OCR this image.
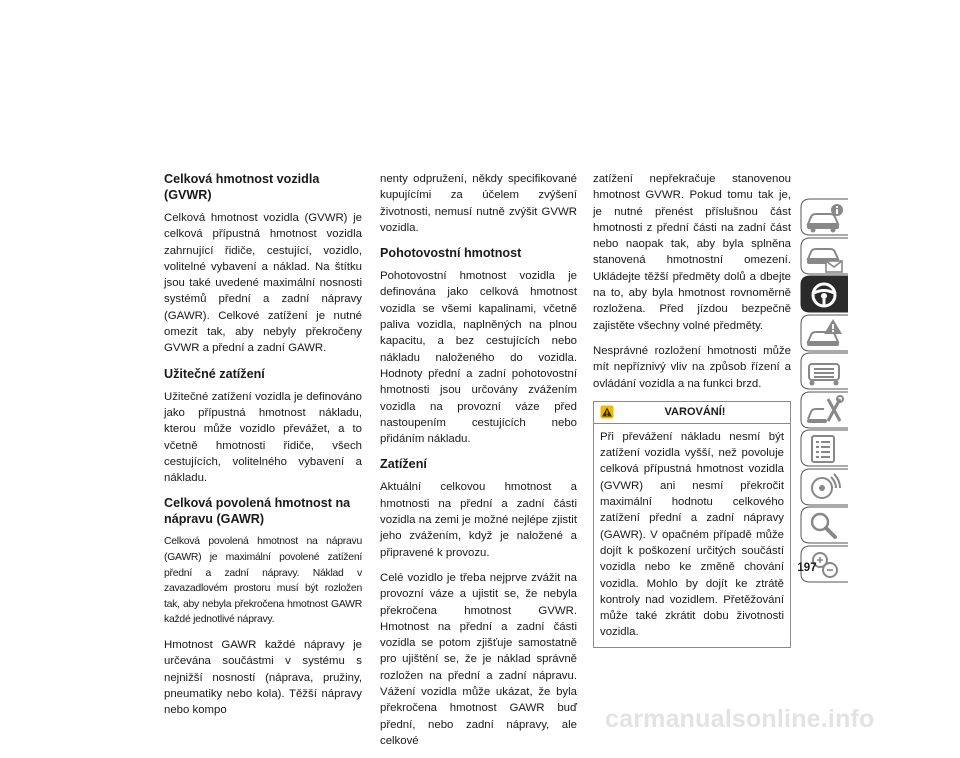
Celková hmotnost vozidla (GVWR)

Celková hmotnost vozidla (GVWR) je celková přípustná hmotnost vozidla zahrnující řidiče, cestující, vozidlo, volitelné vybavení a náklad. Na štítku jsou také uvedené maximální nosnosti systémů přední a zadní nápravy (GAWR). Celkové zatížení je nutné omezit tak, aby nebyly překročeny GVWR a přední a zadní GAWR.

Užitečné zatížení

Užitečné zatížení vozidla je definováno jako přípustná hmotnost nákladu, kterou může vozidlo převážet, a to včetně hmotnosti řidiče, všech cestujících, volitelného vybavení a nákladu.

Celková povolená hmotnost na nápravu (GAWR)

Celková povolená hmotnost na nápravu (GAWR) je maximální povolené zatížení přední a zadní nápravy. Náklad v zavazadlovém prostoru musí být rozložen tak, aby nebyla překročena hmotnost GAWR každé jednotlivé nápravy.

Hmotnost GAWR každé nápravy je určevána součástmi v systému s nejnižší nosností (náprava, pružiny, pneumatiky nebo kola). Těžší nápravy nebo kompo

nenty odpružení, někdy specifikované kupujícími za účelem zvýšení životnosti, nemusí nutně zvýšit GVWR vozidla.

Pohotovostní hmotnost

Pohotovostní hmotnost vozidla je definována jako celková hmotnost vozidla se všemi kapalinami, včetně paliva vozidla, naplněných na plnou kapacitu, a bez cestujících nebo nákladu naloženého do vozidla. Hodnoty přední a zadní pohotovostní hmotnosti jsou určovány zvážením vozidla na provozní váze před nastoupením cestujících nebo přidáním nákladu.

Zatížení

Aktuální celkovou hmotnost a hmotnosti na přední a zadní části vozidla na zemi je možné nejlépe zjistit jeho zvážením, když je naložené a připravené k provozu.

Celé vozidlo je třeba nejprve zvážit na provozní váze a ujistit se, že nebyla překročena hmotnost GVWR. Hmotnost na přední a zadní části vozidla se potom zjišťuje samostatně pro ujištění se, že je náklad správně rozložen na přední a zadní nápravu. Vážení vozidla může ukázat, že byla překročena hmotnost GAWR buď přední, nebo zadní nápravy, ale celkové

zatížení nepřekračuje stanovenou hmotnost GVWR. Pokud tomu tak je, je nutné přenést příslušnou část hmotnosti z přední části na zadní část nebo naopak tak, aby byla splněna stanovená hmotnostní omezení. Ukládejte těžší předměty dolů a dbejte na to, aby byla hmotnost rovnoměrně rozložena. Před jízdou bezpečně zajistěte všechny volné předměty.

Nesprávné rozložení hmotnosti může mít nepříznivý vliv na způsob řízení a ovládání vozidla a na funkci brzd.

VAROVÁNÍ!

Při převážení nákladu nesmí být zatížení vozidla vyšší, než povoluje celková přípustná hmotnost vozidla (GVWR) ani nesmí překročit maximální hodnotu celkového zatížení přední a zadní nápravy (GAWR). V opačném případě může dojít k poškození určitých součástí vozidla nebo ke změně chování vozidla. Mohlo by dojít ke ztrátě kontroly nad vozidlem. Přetěžování může také zkrátit dobu životnosti vozidla.

197
carmanualsonline.info
